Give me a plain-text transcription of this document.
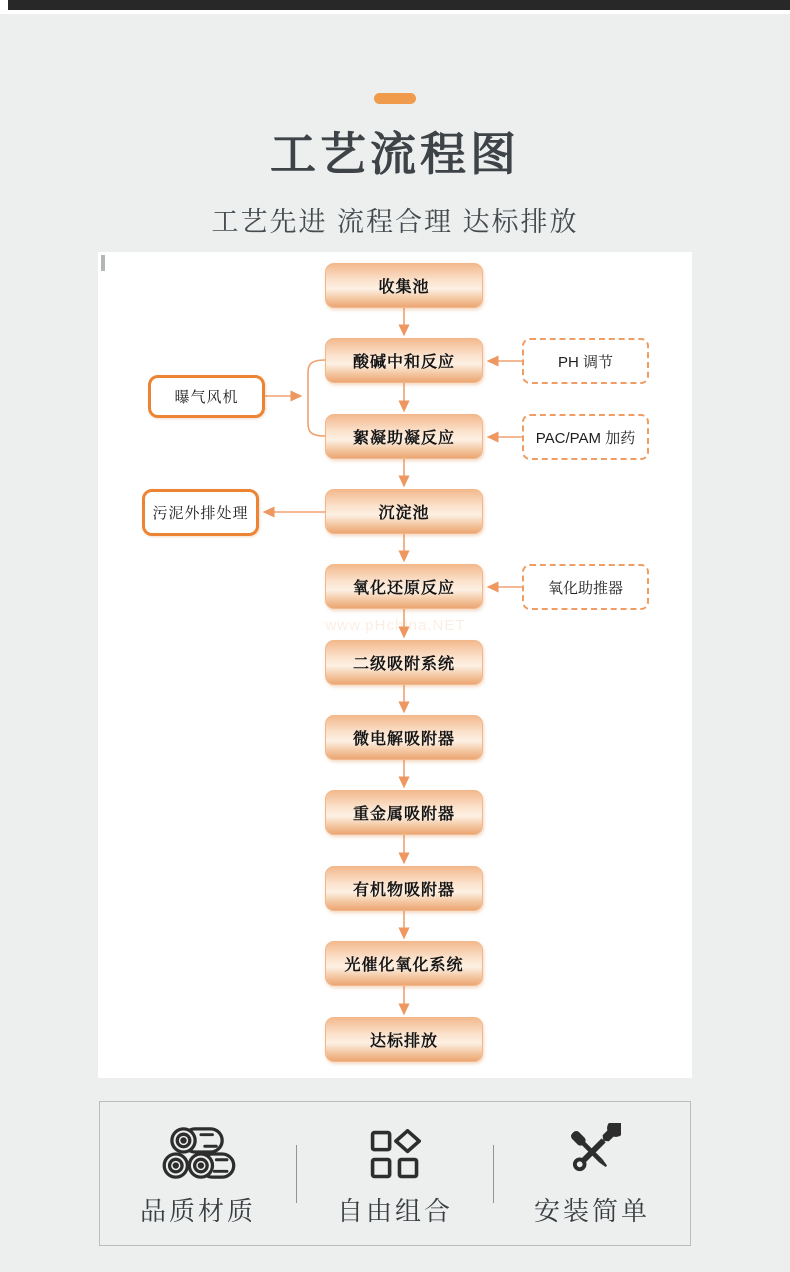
工艺流程图
工艺先进 流程合理 达标排放
收集池
酸碱中和反应
絮凝助凝反应
沉淀池
氧化还原反应
二级吸附系统
微电解吸附器
重金属吸附器
有机物吸附器
光催化氧化系统
达标排放
PH 调节
PAC/PAM 加药
氧化助推器
曝气风机
污泥外排处理
www.pHchina.NET
品质材质	自由组合	安装简单
